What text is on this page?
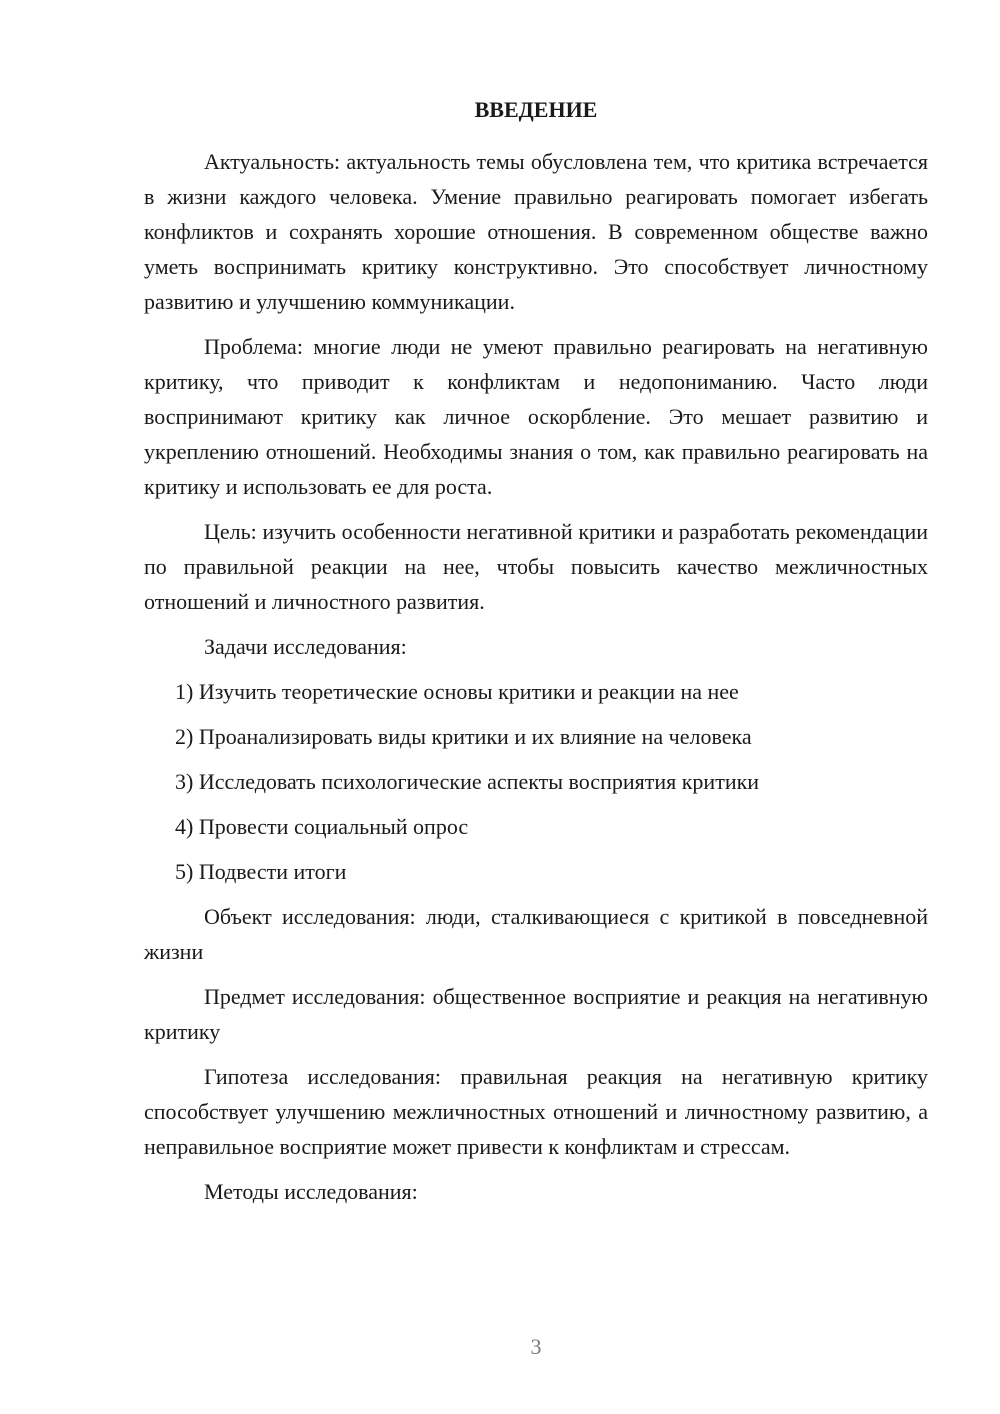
ВВЕДЕНИЕ

Актуальность: актуальность темы обусловлена тем, что критика встречается в жизни каждого человека. Умение правильно реагировать помогает избегать конфликтов и сохранять хорошие отношения. В современном обществе важно уметь воспринимать критику конструктивно. Это способствует личностному развитию и улучшению коммуникации.

Проблема: многие люди не умеют правильно реагировать на негативную критику, что приводит к конфликтам и недопониманию. Часто люди воспринимают критику как личное оскорбление. Это мешает развитию и укреплению отношений. Необходимы знания о том, как правильно реагировать на критику и использовать ее для роста.

Цель: изучить особенности негативной критики и разработать рекомендации по правильной реакции на нее, чтобы повысить качество межличностных отношений и личностного развития.

Задачи исследования:

1) Изучить теоретические основы критики и реакции на нее
2) Проанализировать виды критики и их влияние на человека
3) Исследовать психологические аспекты восприятия критики
4) Провести социальный опрос
5) Подвести итоги

Объект исследования: люди, сталкивающиеся с критикой в повседневной жизни

Предмет исследования: общественное восприятие и реакция на негативную критику

Гипотеза исследования: правильная реакция на негативную критику способствует улучшению межличностных отношений и личностному развитию, а неправильное восприятие может привести к конфликтам и стрессам.

Методы исследования:

3
